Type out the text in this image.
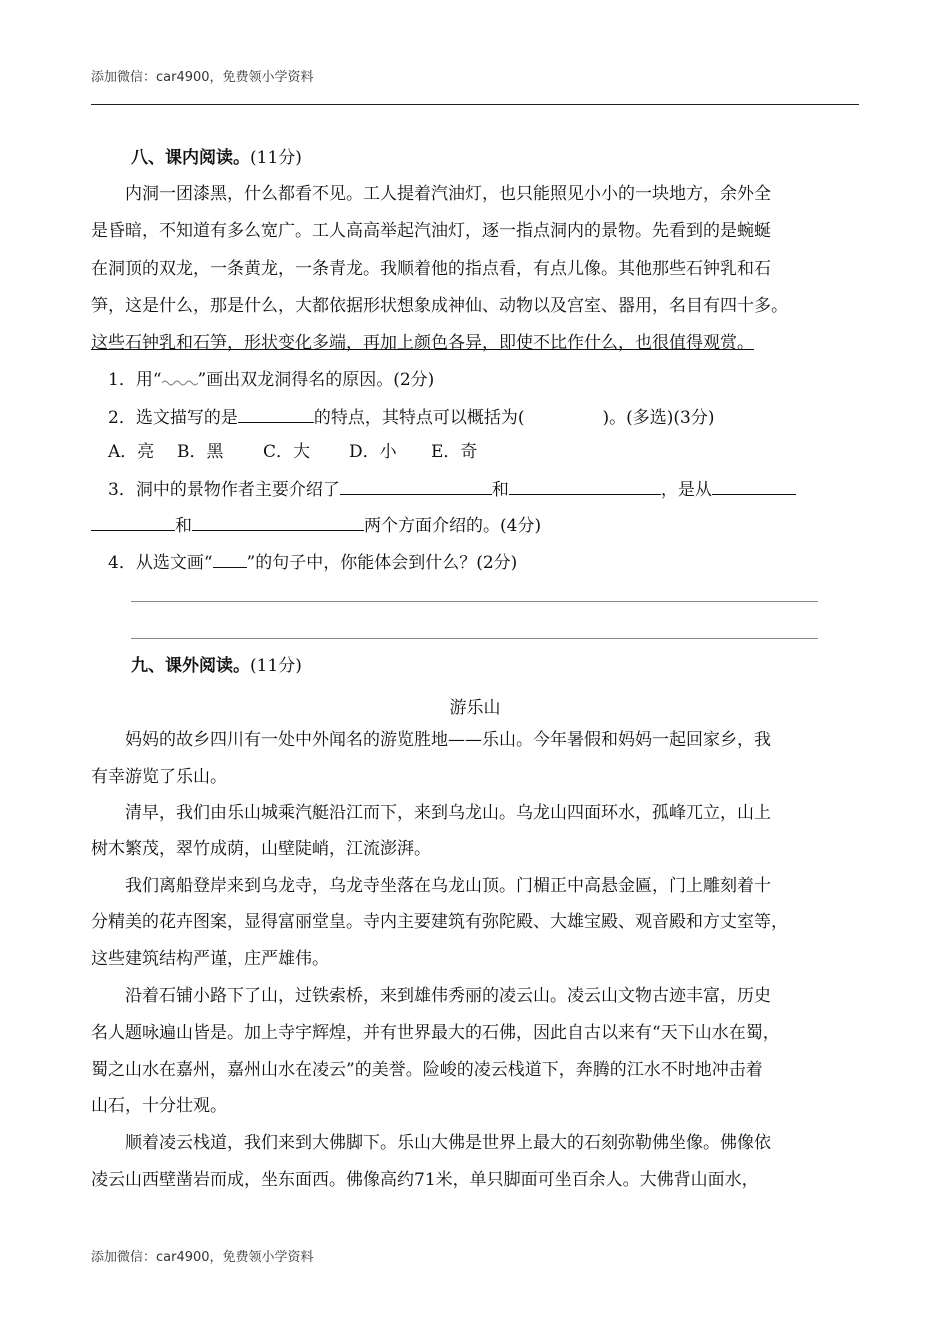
添加微信：car4900，免费领小学资料
八、课内阅读。(11分)
　　内洞一团漆黑，什么都看不见。工人提着汽油灯，也只能照见小小的一块地方，余外全
是昏暗，不知道有多么宽广。工人高高举起汽油灯，逐一指点洞内的景物。先看到的是蜿蜒
在洞顶的双龙，一条黄龙，一条青龙。我顺着他的指点看，有点儿像。其他那些石钟乳和石
笋，这是什么，那是什么，大都依据形状想象成神仙、动物以及宫室、器用，名目有四十多。
这些石钟乳和石笋，形状变化多端，再加上颜色各异，即使不比作什么，也很值得观赏。
　1．用“ ”画出双龙洞得名的原因。(2分)
　2．选文描写的是	的特点，其特点可以概括为(	)。(多选)(3分)
　A．亮 B．黑 C．大 D．小 E．奇
　3．洞中的景物作者主要介绍了	和	，是从
和	两个方面介绍的。(4分)
　4．从选文画“ ”的句子中，你能体会到什么？(2分)
九、课外阅读。(11分)
游乐山
　　妈妈的故乡四川有一处中外闻名的游览胜地——乐山。今年暑假和妈妈一起回家乡，我
有幸游览了乐山。
　　清早，我们由乐山城乘汽艇沿江而下，来到乌龙山。乌龙山四面环水，孤峰兀立，山上
树木繁茂，翠竹成荫，山壁陡峭，江流澎湃。
　　我们离船登岸来到乌龙寺，乌龙寺坐落在乌龙山顶。门楣正中高悬金匾，门上雕刻着十
分精美的花卉图案，显得富丽堂皇。寺内主要建筑有弥陀殿、大雄宝殿、观音殿和方丈室等，
这些建筑结构严谨，庄严雄伟。
　　沿着石铺小路下了山，过铁索桥，来到雄伟秀丽的凌云山。凌云山文物古迹丰富，历史
名人题咏遍山皆是。加上寺宇辉煌，并有世界最大的石佛，因此自古以来有“天下山水在蜀，
蜀之山水在嘉州，嘉州山水在凌云”的美誉。险峻的凌云栈道下，奔腾的江水不时地冲击着
山石，十分壮观。
　　顺着凌云栈道，我们来到大佛脚下。乐山大佛是世界上最大的石刻弥勒佛坐像。佛像依
凌云山西壁凿岩而成，坐东面西。佛像高约71米，单只脚面可坐百余人。大佛背山面水，
添加微信：car4900，免费领小学资料
